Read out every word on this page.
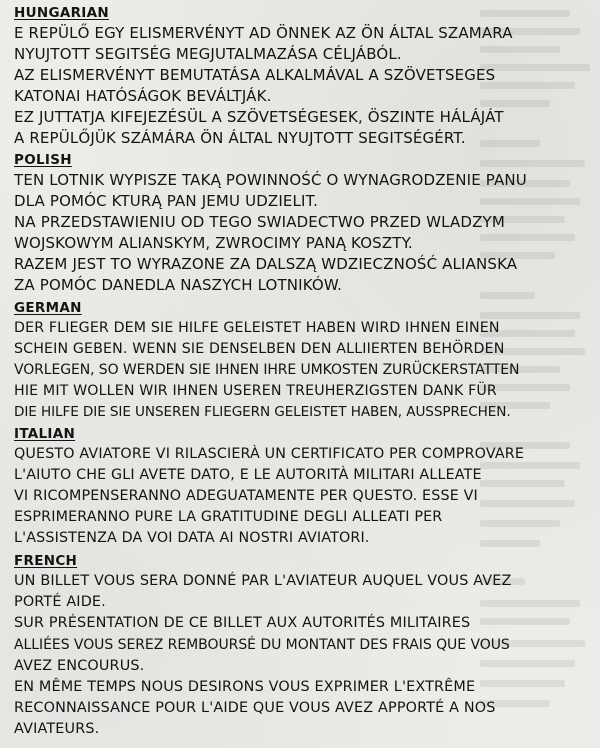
HUNGARIAN
E REPÜLŐ EGY ELISMERVÉNYT AD ÖNNEK AZ ÖN ÁLTAL SZAMARA
NYUJTOTT SEGITSÉG MEGJUTALMAZÁSA CÉLJÁBÓL.
AZ ELISMERVÉNYT BEMUTATÁSA ALKALMÁVAL A SZÖVETSEGES
KATONAI HATÓSÁGOK BEVÁLTJÁK.
EZ JUTTATJA KIFEJEZÉSÜL A SZÖVETSÉGESEK, ÖSZINTE HÁLÁJÁT
A REPÜLŐJÜK SZÁMÁRA ÖN ÁLTAL NYUJTOTT SEGITSÉGÉRT.
POLISH
TEN LOTNIK WYPISZE TAKĄ POWINNOŚĆ O WYNAGRODZENIE PANU
DLA POMÓC KTURĄ PAN JEMU UDZIELIT.
NA PRZEDSTAWIENIU OD TEGO SWIADECTWO PRZED WLADZYM
WOJSKOWYM ALIANSKYM, ZWROCIMY PANĄ KOSZTY.
RAZEM JEST TO WYRAZONE ZA DALSZĄ WDZIECZNOŚĆ ALIANSKA
ZA POMÓC DANEDLA NASZYCH LOTNIKÓW.
GERMAN
DER FLIEGER DEM SIE HILFE GELEISTET HABEN WIRD IHNEN EINEN
SCHEIN GEBEN. WENN SIE DENSELBEN DEN ALLIIERTEN BEHÖRDEN
VORLEGEN, SO WERDEN SIE IHNEN IHRE UMKOSTEN ZURÜCKERSTATTEN
HIE MIT WOLLEN WIR IHNEN USEREN TREUHERZIGSTEN DANK FÜR
DIE HILFE DIE SIE UNSEREN FLIEGERN GELEISTET HABEN, AUSSPRECHEN.
ITALIAN
QUESTO AVIATORE VI RILASCIERÀ UN CERTIFICATO PER COMPROVARE
L'AIUTO CHE GLI AVETE DATO, E LE AUTORITÀ MILITARI ALLEATE
VI RICOMPENSERANNO ADEGUATAMENTE PER QUESTO. ESSE VI
ESPRIMERANNO PURE LA GRATITUDINE DEGLI ALLEATI PER
L'ASSISTENZA DA VOI DATA AI NOSTRI AVIATORI.
FRENCH
UN BILLET VOUS SERA DONNÉ PAR L'AVIATEUR AUQUEL VOUS AVEZ
PORTÉ AIDE.
SUR PRÉSENTATION DE CE BILLET AUX AUTORITÉS MILITAIRES
ALLIÉES VOUS SEREZ REMBOURSÉ DU MONTANT DES FRAIS QUE VOUS
AVEZ ENCOURUS.
EN MÊME TEMPS NOUS DESIRONS VOUS EXPRIMER L'EXTRÊME
RECONNAISSANCE POUR L'AIDE QUE VOUS AVEZ APPORTÉ A NOS
AVIATEURS.
